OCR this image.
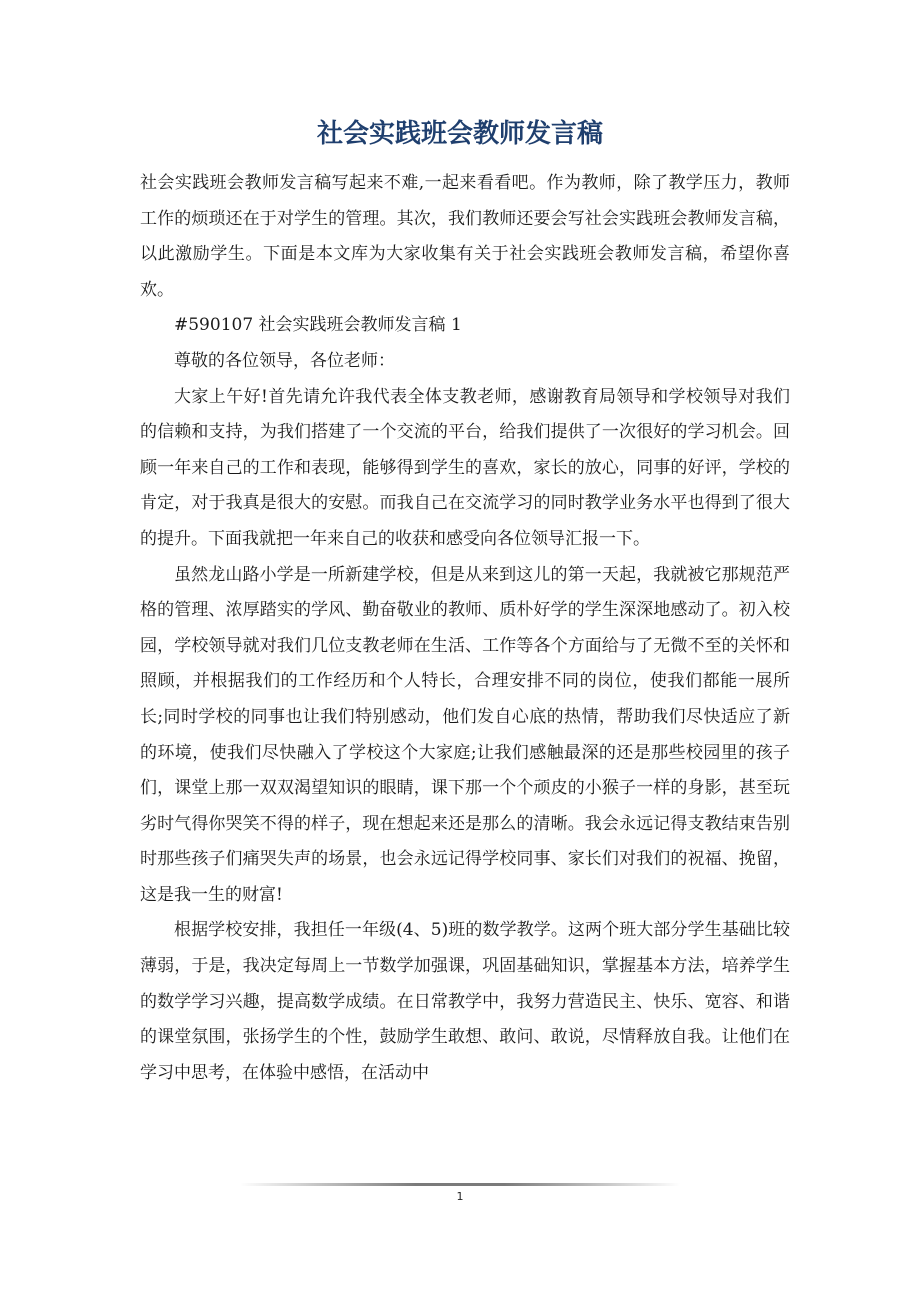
社会实践班会教师发言稿

社会实践班会教师发言稿写起来不难,一起来看看吧。作为教师，除了教学压力，教师工作的烦琐还在于对学生的管理。其次，我们教师还要会写社会实践班会教师发言稿，以此激励学生。下面是本文库为大家收集有关于社会实践班会教师发言稿，希望你喜欢。

#590107 社会实践班会教师发言稿 1

尊敬的各位领导，各位老师：

大家上午好!首先请允许我代表全体支教老师，感谢教育局领导和学校领导对我们的信赖和支持，为我们搭建了一个交流的平台，给我们提供了一次很好的学习机会。回顾一年来自己的工作和表现，能够得到学生的喜欢，家长的放心，同事的好评，学校的肯定，对于我真是很大的安慰。而我自己在交流学习的同时教学业务水平也得到了很大的提升。下面我就把一年来自己的收获和感受向各位领导汇报一下。

虽然龙山路小学是一所新建学校，但是从来到这儿的第一天起，我就被它那规范严格的管理、浓厚踏实的学风、勤奋敬业的教师、质朴好学的学生深深地感动了。初入校园，学校领导就对我们几位支教老师在生活、工作等各个方面给与了无微不至的关怀和照顾，并根据我们的工作经历和个人特长，合理安排不同的岗位，使我们都能一展所长;同时学校的同事也让我们特别感动，他们发自心底的热情，帮助我们尽快适应了新的环境，使我们尽快融入了学校这个大家庭;让我们感触最深的还是那些校园里的孩子们，课堂上那一双双渴望知识的眼睛，课下那一个个顽皮的小猴子一样的身影，甚至玩劣时气得你哭笑不得的样子，现在想起来还是那么的清晰。我会永远记得支教结束告别时那些孩子们痛哭失声的场景，也会永远记得学校同事、家长们对我们的祝福、挽留，这是我一生的财富!

根据学校安排，我担任一年级(4、5)班的数学教学。这两个班大部分学生基础比较薄弱，于是，我决定每周上一节数学加强课，巩固基础知识，掌握基本方法，培养学生的数学学习兴趣，提高数学成绩。在日常教学中，我努力营造民主、快乐、宽容、和谐的课堂氛围，张扬学生的个性，鼓励学生敢想、敢问、敢说，尽情释放自我。让他们在学习中思考，在体验中感悟，在活动中

1
